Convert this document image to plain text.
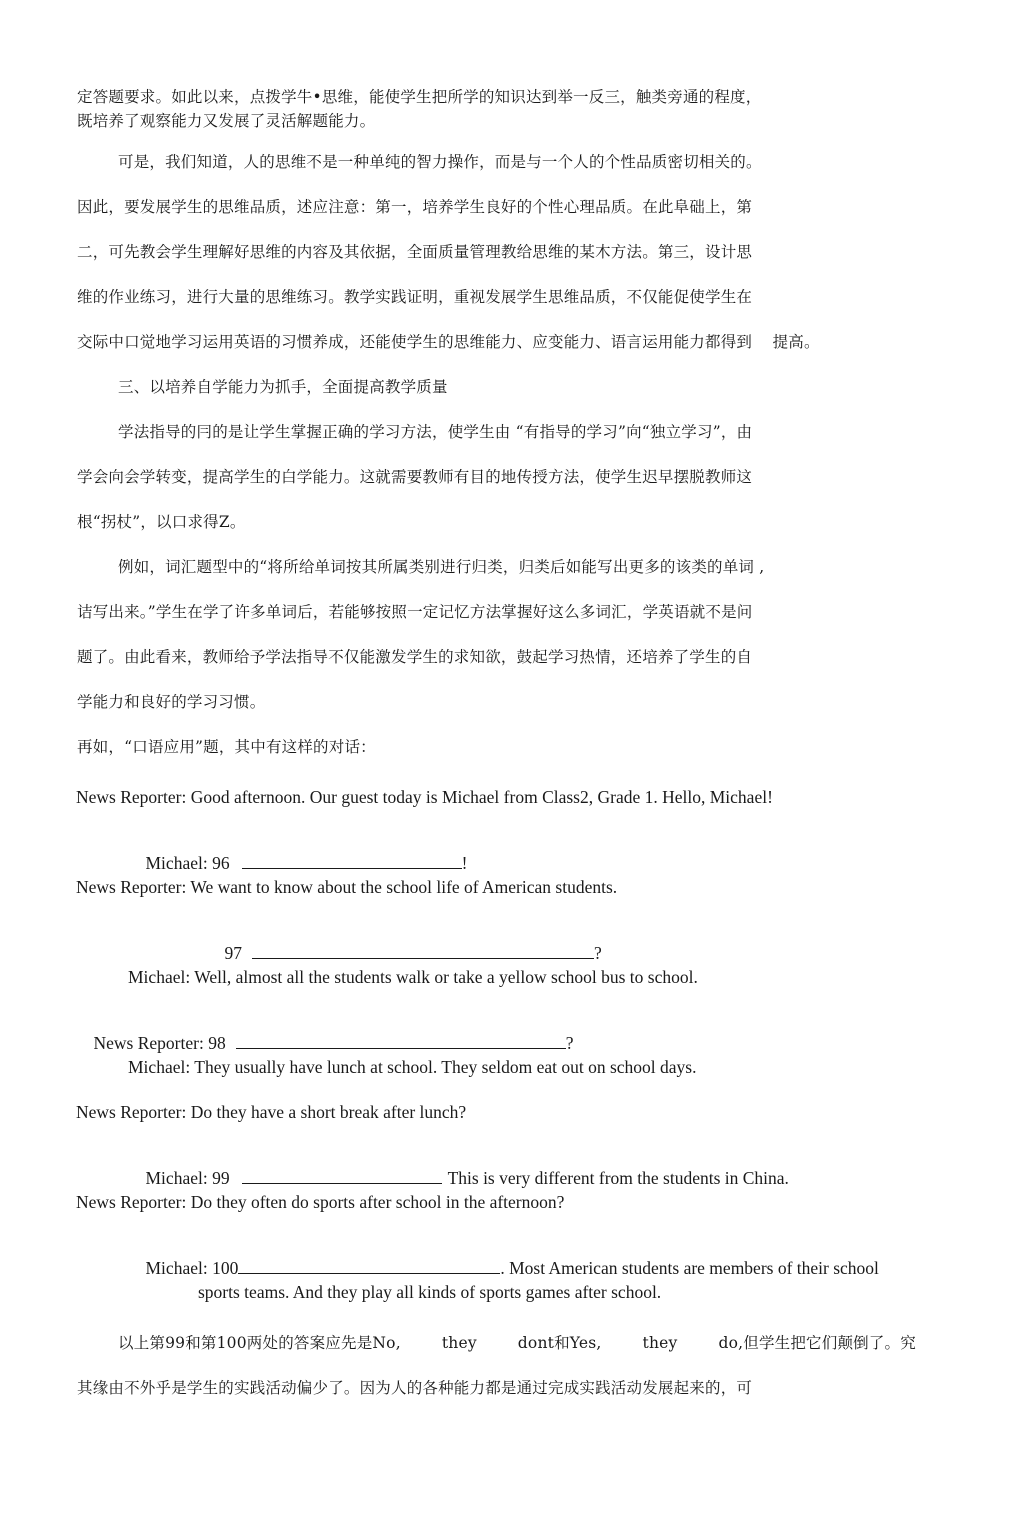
定答题要求。如此以来，点拨学牛•思维，能使学生把所学的知识达到举一反三，触类旁通的程度，
既培养了观察能力又发展了灵活解题能力。
可是，我们知道，人的思维不是一种单纯的智力操作，而是与一个人的个性品质密切相关的。
因此，要发展学生的思维品质，述应注意：第一，培养学生良好的个性心理品质。在此阜础上，第
二，可先教会学生理解好思维的内容及其依据，全面质量管理教给思维的某木方法。第三，设计思
维的作业练习，进行大量的思维练习。教学实践证明，重视发展学生思维品质，不仅能促使学生在
交际中口觉地学习运用英语的习惯养成，还能使学生的思维能力、应变能力、语言运用能力都得到    提高。
三、以培养自学能力为抓手，全面提高教学质量
学法指导的冃的是让学生掌握正确的学习方法，使学生由 “有指导的学习”向“独立学习”，由
学会向会学转变，提高学生的白学能力。这就需要教师有目的地传授方法，使学生迟早摆脱教师这
根“拐杖”，以口求得Z。
例如，词汇题型中的“将所给单词按其所属类别进行归类，归类后如能写出更多的该类的单词 ,
诘写出来。”学生在学了许多单词后，若能够按照一定记忆方法掌握好这么多词汇，学英语就不是问
题了。由此看来，教师给予学法指导不仅能激发学生的求知欲，鼓起学习热情，还培养了学生的自
学能力和良好的学习习惯。
再如，“口语应用”题，其中有这样的对话：
News Reporter: Good afternoon. Our guest today is Michael from Class2, Grade 1. Hello, Michael!

Michael: 96	!

News Reporter: We want to know about the school life of American students.

97	?

Michael: Well, almost all the students walk or take a yellow school bus to school.

News Reporter: 98	?

Michael: They usually have lunch at school. They seldom eat out on school days.
News Reporter: Do they have a short break after lunch?

Michael: 99	This is very different from the students in China.

News Reporter: Do they often do sports after school in the afternoon?

Michael: 100	. Most American students are members of their school

sports teams. And they play all kinds of sports games after school.
以上第99和第100两处的答案应先是No,        they        dont和Yes,        they        do,但学生把它们颠倒了。究
其缘由不外乎是学生的实践活动偏少了。因为人的各种能力都是通过完成实践活动发展起来的，可
